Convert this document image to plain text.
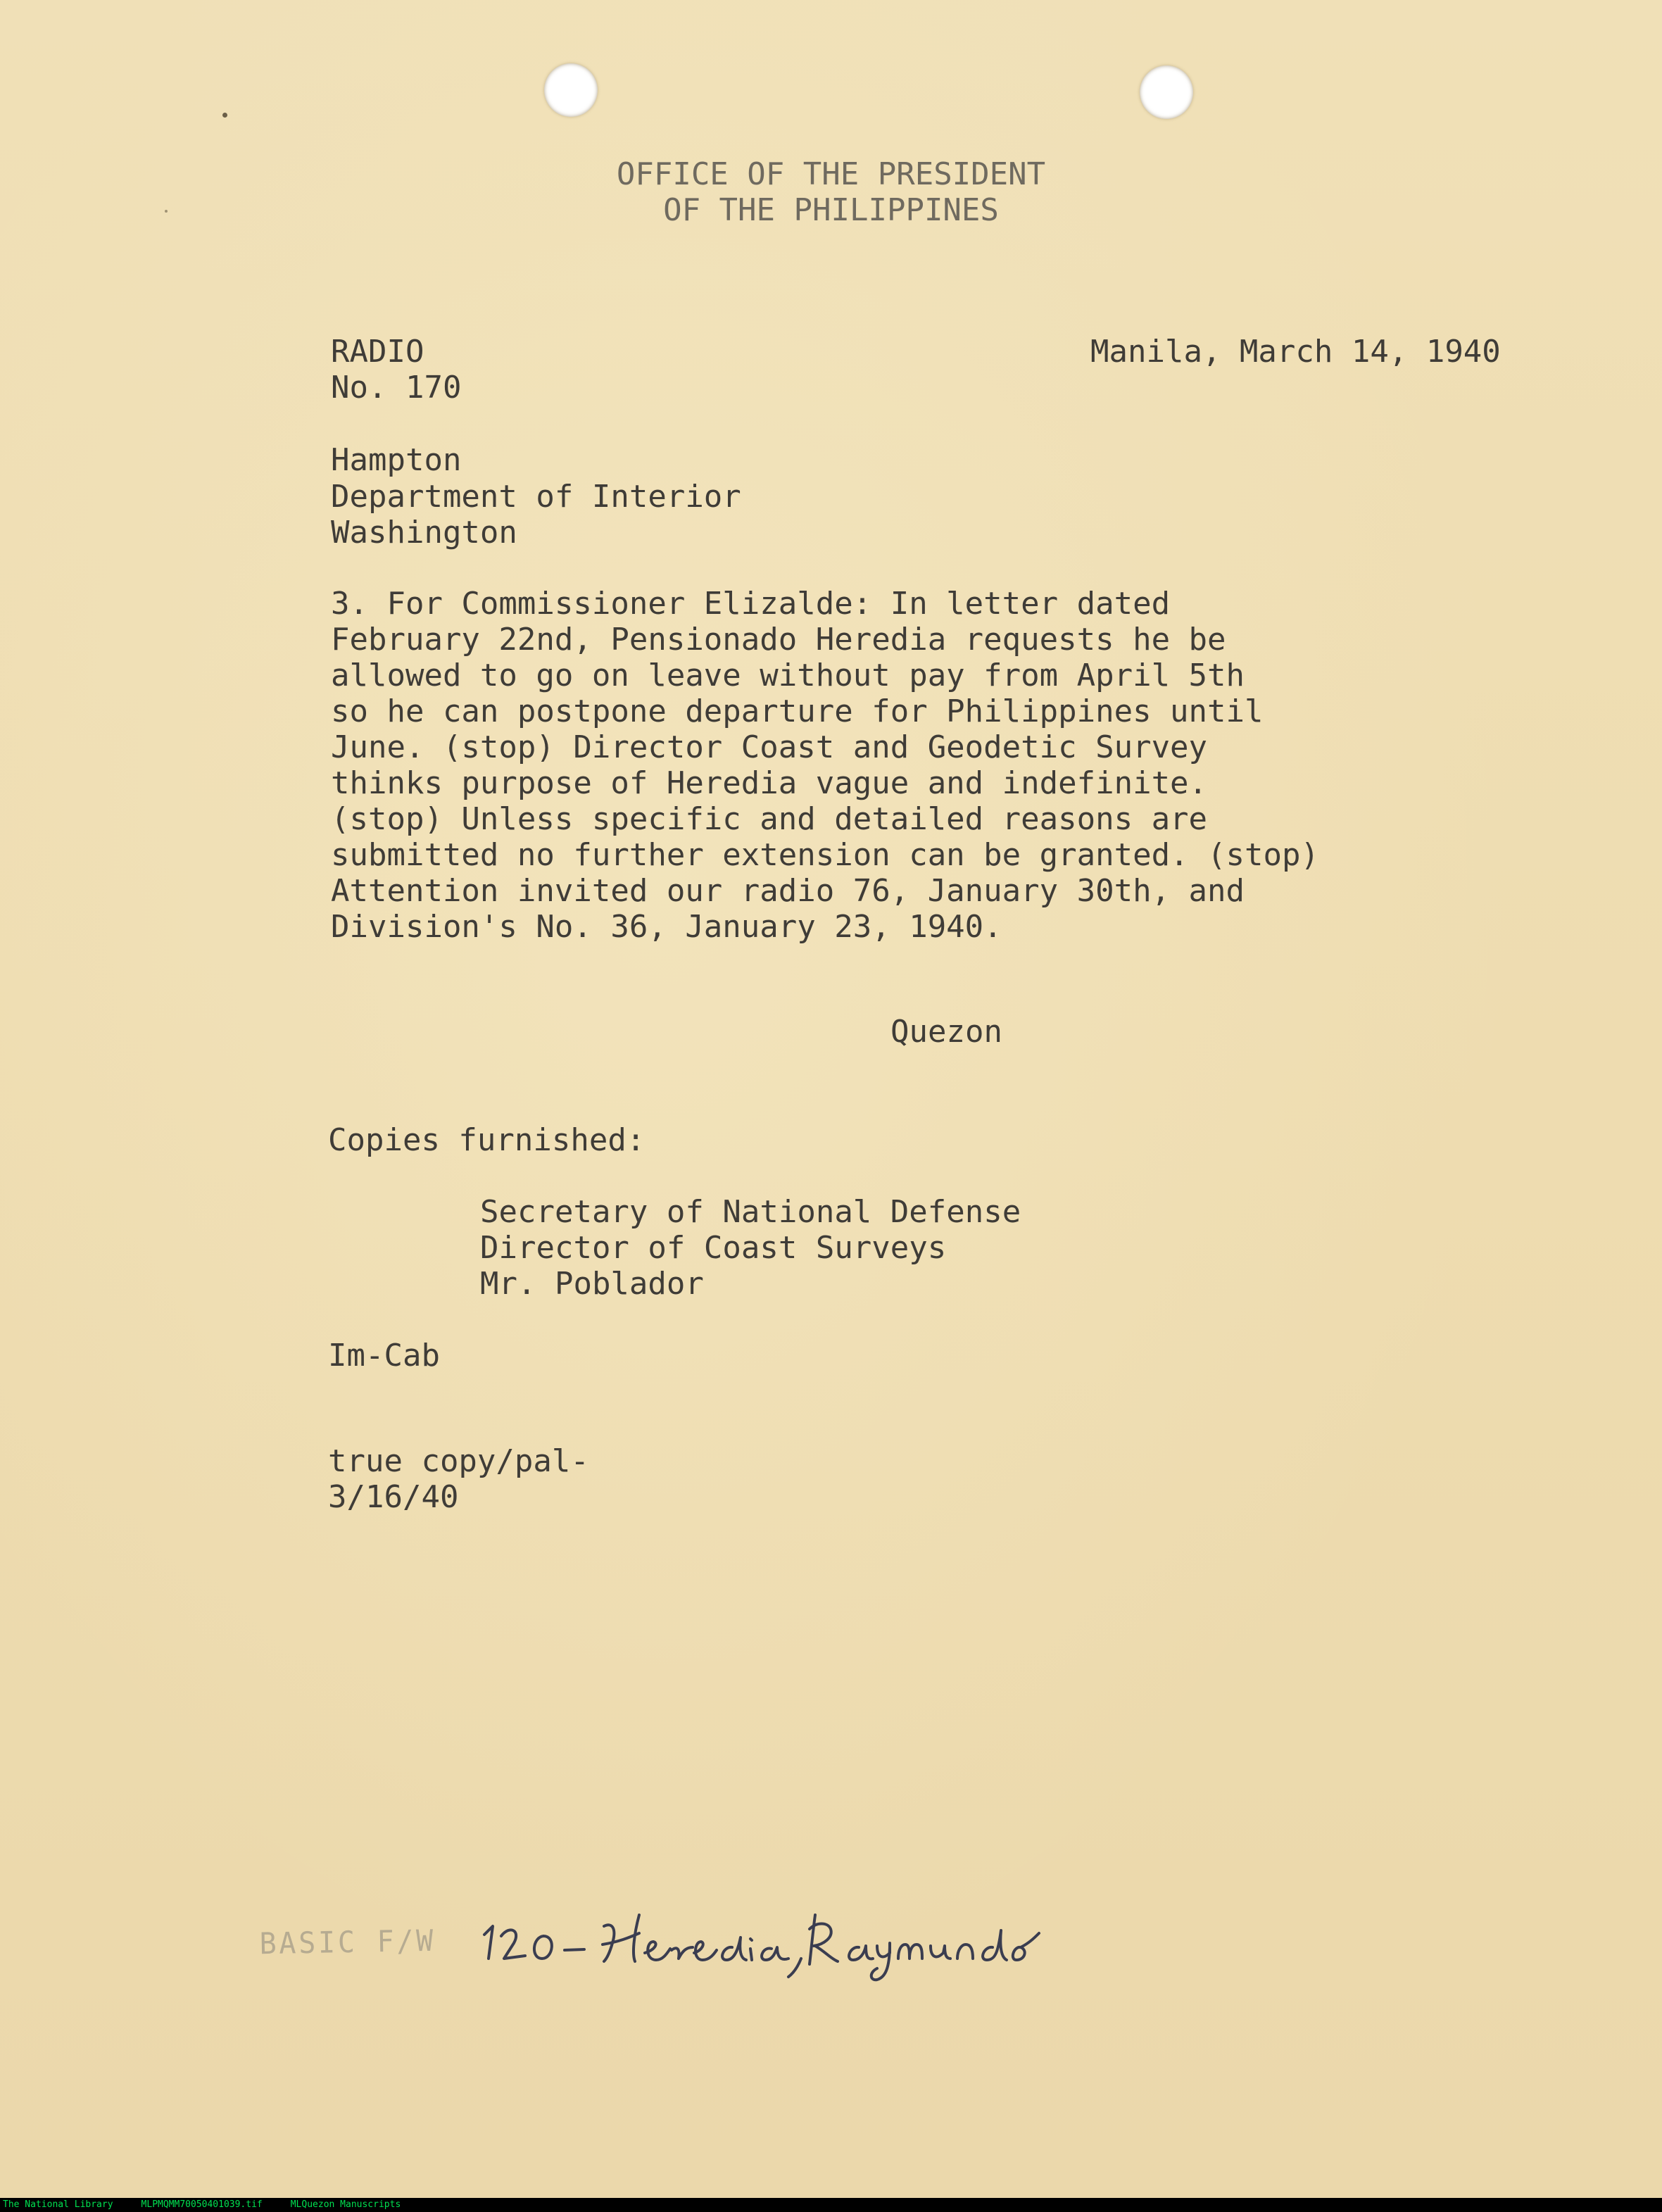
OFFICE OF THE PRESIDENT

OF THE PHILIPPINES

RADIO

No. 170

Manila, March 14, 1940

Hampton

Department of Interior

Washington

3. For Commissioner Elizalde: In letter dated
February 22nd, Pensionado Heredia requests he be
allowed to go on leave without pay from April 5th
so he can postpone departure for Philippines until
June. (stop) Director Coast and Geodetic Survey
thinks purpose of Heredia vague and indefinite.
(stop) Unless specific and detailed reasons are
submitted no further extension can be granted. (stop)
Attention invited our radio 76, January 30th, and
Division's No. 36, January 23, 1940.

Quezon

Copies furnished:

Secretary of National Defense

Director of Coast Surveys

Mr. Poblador

Im-Cab

true copy/pal-

3/16/40

BASIC F/W
The National Library	MLPMQMM70050401039.tif	MLQuezon Manuscripts
